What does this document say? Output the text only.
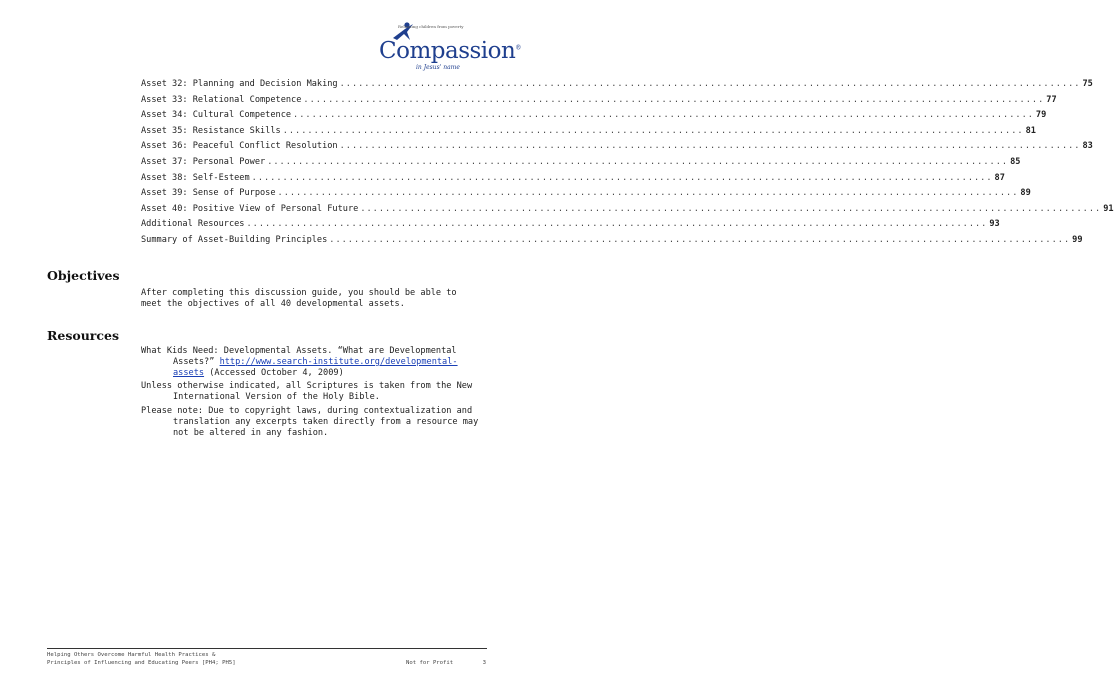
Releasing children from poverty
Compassion®
in Jesus' name
Asset 32: Planning and Decision Making ........................................................................................................................ 75
Asset 33: Relational Competence ........................................................................................................................ 77
Asset 34: Cultural Competence ........................................................................................................................ 79
Asset 35: Resistance Skills ........................................................................................................................ 81
Asset 36: Peaceful Conflict Resolution ........................................................................................................................ 83
Asset 37: Personal Power ........................................................................................................................ 85
Asset 38: Self-Esteem ........................................................................................................................ 87
Asset 39: Sense of Purpose ........................................................................................................................ 89
Asset 40: Positive View of Personal Future ........................................................................................................................ 91
Additional Resources ........................................................................................................................ 93
Summary of Asset-Building Principles ........................................................................................................................ 99
Objectives
After completing this discussion guide, you should be able to meet the objectives of all 40 developmental assets.
Resources
What Kids Need: Developmental Assets. “What are Developmental Assets?” http://www.search-institute.org/developmental-assets (Accessed October 4, 2009)
Unless otherwise indicated, all Scriptures is taken from the New International Version of the Holy Bible.
Please note: Due to copyright laws, during contextualization and translation any excerpts taken directly from a resource may not be altered in any fashion.
Helping Others Overcome Harmful Health Practices &
Principles of Influencing and Educating Peers [PH4; PH5]	Not for Profit	3
